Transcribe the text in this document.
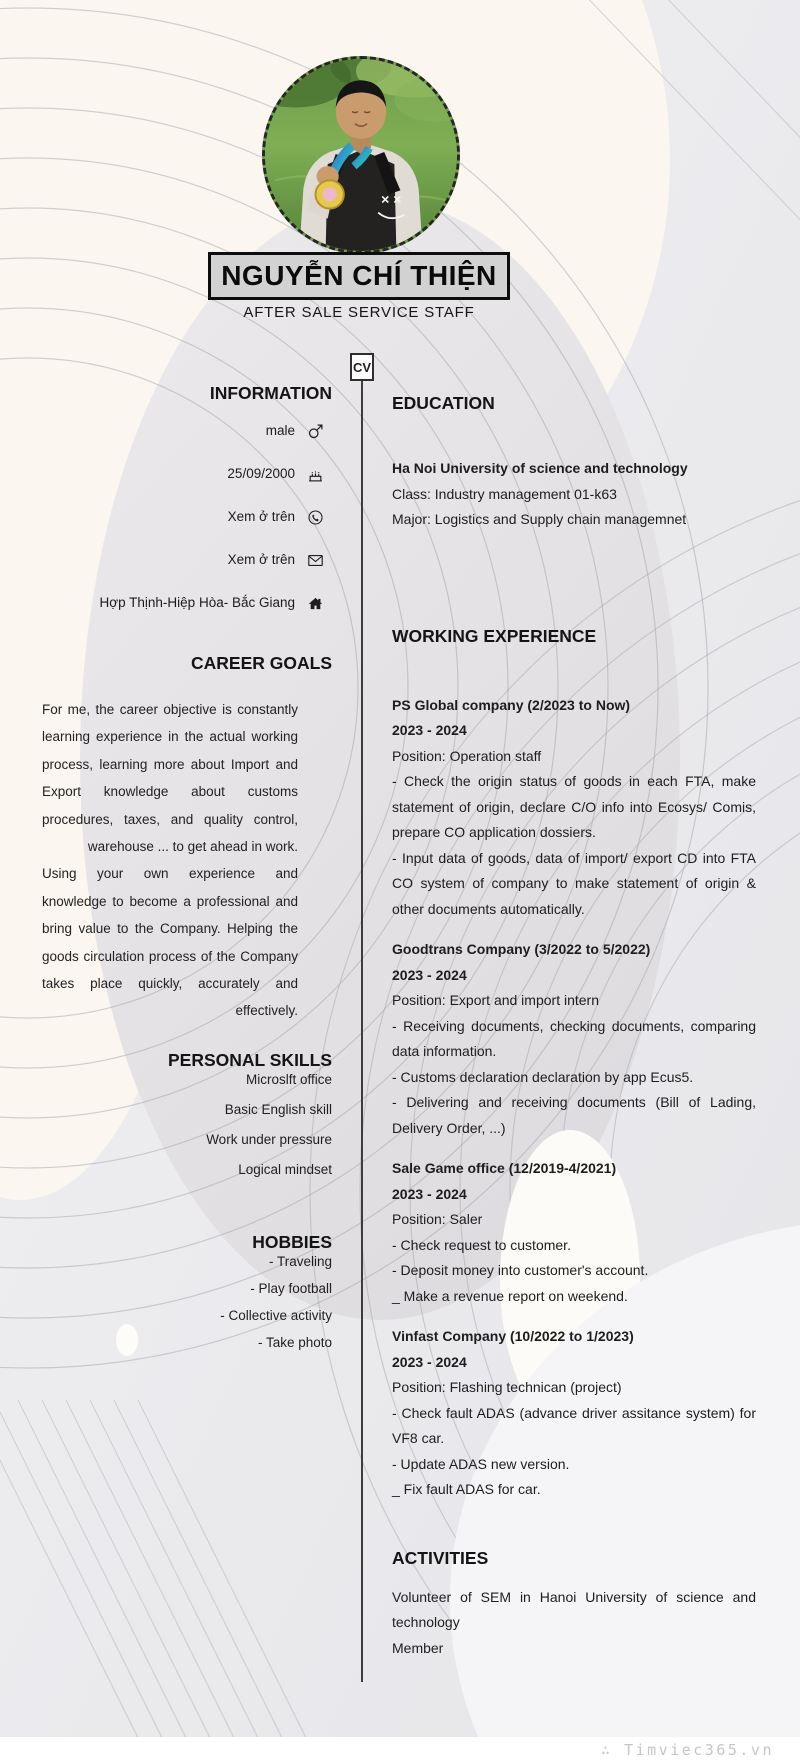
NGUYỄN CHÍ THIỆN
AFTER SALE SERVICE STAFF
CV
INFORMATION
male
25/09/2000
Xem ở trên
Xem ở trên
Hợp Thịnh-Hiệp Hòa- Bắc Giang
CAREER GOALS

For me, the career objective is constantly learning experience in the actual working process, learning more about Import and Export knowledge about customs procedures, taxes, and quality control, warehouse ... to get ahead in work.

Using your own experience and knowledge to become a professional and bring value to the Company. Helping the goods circulation process of the Company takes place quickly, accurately and effectively.

PERSONAL SKILLS
Microslft office
Basic English skill
Work under pressure
Logical mindset
HOBBIES
- Traveling
- Play football
- Collective activity
- Take photo
EDUCATION

Ha Noi University of science and technology

Class: Industry management 01-k63

Major: Logistics and Supply chain managemnet

WORKING EXPERIENCE

PS Global company (2/2023 to Now)

2023 - 2024

Position: Operation staff

- Check the origin status of goods in each FTA, make statement of origin, declare C/O info into Ecosys/ Comis, prepare CO application dossiers.

- Input data of goods, data of import/ export CD into FTA CO system of company to make statement of origin & other documents automatically.

Goodtrans Company (3/2022 to 5/2022)

2023 - 2024

Position: Export and import intern

- Receiving documents, checking documents, comparing data information.

- Customs declaration declaration by app Ecus5.

- Delivering and receiving documents (Bill of Lading, Delivery Order, ...)

Sale Game office (12/2019-4/2021)

2023 - 2024

Position: Saler

- Check request to customer.

- Deposit money into customer's account.

_ Make a revenue report on weekend.

Vinfast Company (10/2022 to 1/2023)

2023 - 2024

Position: Flashing technican (project)

- Check fault ADAS (advance driver assitance system) for VF8 car.

- Update ADAS new version.

_ Fix fault ADAS for car.

ACTIVITIES

Volunteer of SEM in Hanoi University of science and technology

Member

∴ Timviec365.vn
